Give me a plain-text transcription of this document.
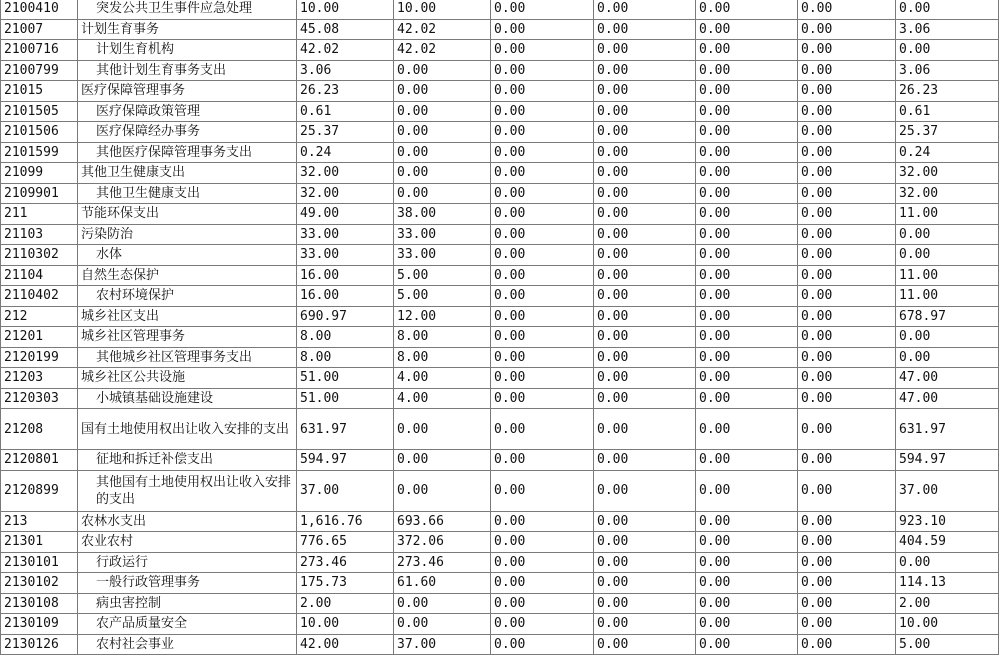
2100410	突发公共卫生事件应急处理	10.00	10.00	0.00	0.00	0.00	0.00	0.00
21007	计划生育事务	45.08	42.02	0.00	0.00	0.00	0.00	3.06
2100716	计划生育机构	42.02	42.02	0.00	0.00	0.00	0.00	0.00
2100799	其他计划生育事务支出	3.06	0.00	0.00	0.00	0.00	0.00	3.06
21015	医疗保障管理事务	26.23	0.00	0.00	0.00	0.00	0.00	26.23
2101505	医疗保障政策管理	0.61	0.00	0.00	0.00	0.00	0.00	0.61
2101506	医疗保障经办事务	25.37	0.00	0.00	0.00	0.00	0.00	25.37
2101599	其他医疗保障管理事务支出	0.24	0.00	0.00	0.00	0.00	0.00	0.24
21099	其他卫生健康支出	32.00	0.00	0.00	0.00	0.00	0.00	32.00
2109901	其他卫生健康支出	32.00	0.00	0.00	0.00	0.00	0.00	32.00
211	节能环保支出	49.00	38.00	0.00	0.00	0.00	0.00	11.00
21103	污染防治	33.00	33.00	0.00	0.00	0.00	0.00	0.00
2110302	水体	33.00	33.00	0.00	0.00	0.00	0.00	0.00
21104	自然生态保护	16.00	5.00	0.00	0.00	0.00	0.00	11.00
2110402	农村环境保护	16.00	5.00	0.00	0.00	0.00	0.00	11.00
212	城乡社区支出	690.97	12.00	0.00	0.00	0.00	0.00	678.97
21201	城乡社区管理事务	8.00	8.00	0.00	0.00	0.00	0.00	0.00
2120199	其他城乡社区管理事务支出	8.00	8.00	0.00	0.00	0.00	0.00	0.00
21203	城乡社区公共设施	51.00	4.00	0.00	0.00	0.00	0.00	47.00
2120303	小城镇基础设施建设	51.00	4.00	0.00	0.00	0.00	0.00	47.00
21208	国有土地使用权出让收入安排的支出	631.97	0.00	0.00	0.00	0.00	0.00	631.97
2120801	征地和拆迁补偿支出	594.97	0.00	0.00	0.00	0.00	0.00	594.97
2120899	其他国有土地使用权出让收入安排的支出	37.00	0.00	0.00	0.00	0.00	0.00	37.00
213	农林水支出	1,616.76	693.66	0.00	0.00	0.00	0.00	923.10
21301	农业农村	776.65	372.06	0.00	0.00	0.00	0.00	404.59
2130101	行政运行	273.46	273.46	0.00	0.00	0.00	0.00	0.00
2130102	一般行政管理事务	175.73	61.60	0.00	0.00	0.00	0.00	114.13
2130108	病虫害控制	2.00	0.00	0.00	0.00	0.00	0.00	2.00
2130109	农产品质量安全	10.00	0.00	0.00	0.00	0.00	0.00	10.00
2130126	农村社会事业	42.00	37.00	0.00	0.00	0.00	0.00	5.00
